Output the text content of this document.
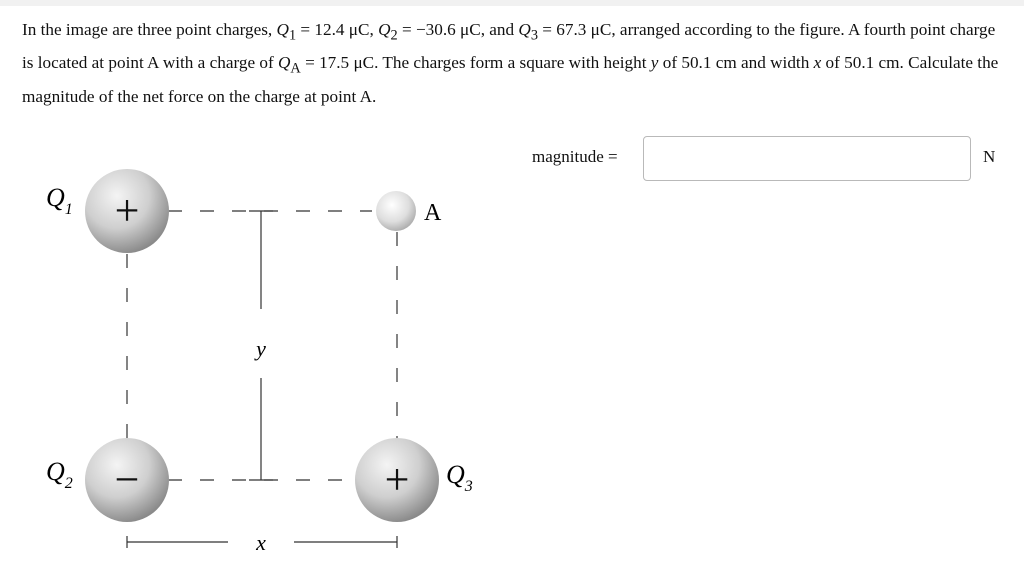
In the image are three point charges, $Q_1 = 12.4$ μC, $Q_2 = -30.6$ μC, and $Q_3 = 67.3$ μC, arranged according to the figure. A fourth point charge is located at point A with a charge of $Q_A = 17.5$ μC. The charges form a square with height y of 50.1 cm and width x of 50.1 cm. Calculate the magnitude of the net force on the charge at point A.

y
x
+
$Q_1$
−
$Q_2$	+ $Q_3$
A
magnitude =	N
